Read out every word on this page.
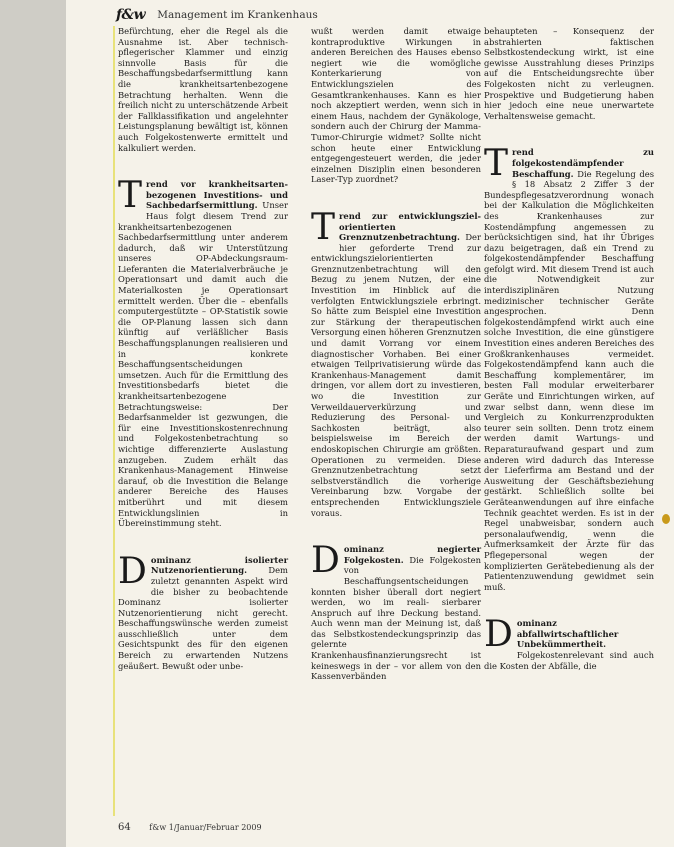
f&w Management im Krankenhaus

Befürchtung, eher die Regel als die Ausnahme ist. Aber technisch-pflegerischer Klammer und einzig sinnvolle Basis für die Beschaffungsbedarfsermittlung kann die krankheitsartenbezogene Betrachtung herhalten. Wenn die freilich nicht zu unterschätzende Arbeit der Fallklassifikation und angelehnter Leistungsplanung bewältigt ist, können auch Folgekostenwerte ermittelt und kalkuliert werden.

Trend vor krankheitsarten-bezogenen Investitions- und Sachbedarfsermittlung. Unser Haus folgt diesem Trend zur krankheitsartenbezogenen Sachbedarfsermittlung unter anderem dadurch, daß wir Unterstützung unseres OP-Abdeckungsraum-Lieferanten die Materialverbräuche je Operationsart und damit auch die Materialkosten je Operationsart ermittelt werden. Über die – ebenfalls computergestützte – OP-Statistik sowie die OP-Planung lassen sich dann künftig auf verläßlicher Basis Beschaffungsplanungen realisieren und in konkrete Beschaffungsentscheidungen umsetzen. Auch für die Ermittlung des Investitionsbedarfs bietet die krankheitsartenbezogene Betrachtungsweise: Der Bedarfsanmelder ist gezwungen, die für eine Investitionskostenrechnung und Folgekostenbetrachtung so wichtige differenzierte Auslastung anzugeben. Zudem erhält das Krankenhaus-Management Hinweise darauf, ob die Investition die Belange anderer Bereiche des Hauses mitberührt und mit diesem Entwicklungslinien in Übereinstimmung steht.

Dominanz isolierter Nutzenorientierung. Dem zuletzt genannten Aspekt wird die bisher zu beobachtende Dominanz isolierter Nutzenorientierung nicht gerecht. Beschaffungswünsche werden zumeist ausschließlich unter dem Gesichtspunkt des für den eigenen Bereich zu erwartenden Nutzens geäußert. Bewußt oder unbe-

wußt werden damit etwaige kontraproduktive Wirkungen in anderen Bereichen des Hauses ebenso negiert wie die womögliche Konterkarierung von Entwicklungszielen des Gesamtkrankenhauses. Kann es hier noch akzeptiert werden, wenn sich in einem Haus, nachdem der Gynäkologe, sondern auch der Chirurg der Mamma-Tumor-Chirurgie widmet? Sollte nicht schon heute einer Entwicklung entgegengesteuert werden, die jeder einzelnen Disziplin einen besonderen Laser-Typ zuordnet?

Trend zur entwicklungsziel-orientierten Grenznutzenbetrachtung. Der hier geforderte Trend zur entwicklungszielorientierten Grenznutzenbetrachtung will den Bezug zu jenem Nutzen, der eine Investition im Hinblick auf die verfolgten Entwicklungsziele erbringt. So hätte zum Beispiel eine Investition zur Stärkung der therapeutischen Versorgung einen höheren Grenznutzen und damit Vorrang vor einem diagnostischer Vorhaben. Bei einer etwaigen Teilprivatisierung würde das Krankenhaus-Management damit dringen, vor allem dort zu investieren, wo die Investition zur Verweildauerverkürzung und Reduzierung des Personal- und Sachkosten beiträgt, also beispielsweise im Bereich der endoskopischen Chirurgie am größten. Operationen zu vermeiden. Diese Grenznutzenbetrachtung setzt selbstverständlich die vorherige Vereinbarung bzw. Vorgabe der entsprechenden Entwicklungsziele voraus.

Dominanz negierter Folgekosten. Die Folgekosten von Beschaffungsentscheidungen konnten bisher überall dort negiert werden, wo im reali- sierbarer Anspruch auf ihre Deckung bestand. Auch wenn man der Meinung ist, daß das Selbstkostendeckungsprinzip das gelernte Krankenhausfinanzierungsrecht ist keineswegs in der – vor allem von den Kassenverbänden

behaupteten – Konsequenz der abstrahierten faktischen Selbstkostendeckung wirkt, ist eine gewisse Ausstrahlung dieses Prinzips auf die Entscheidungsrechte über Folgekosten nicht zu verleugnen. Prospektive und Budgetierung haben hier jedoch eine neue unerwartete Verhaltensweise gemacht.

Trend zu folgekostendämpfender Beschaffung. Die Regelung des § 18 Absatz 2 Ziffer 3 der Bundespflegesatzverordnung wonach bei der Kalkulation die Möglichkeiten des Krankenhauses zur Kostendämpfung angemessen zu berücksichtigen sind, hat ihr Übriges dazu beigetragen, daß ein Trend zu folgekostendämpfender Beschaffung gefolgt wird. Mit diesem Trend ist auch die Notwendigkeit zur interdisziplinären Nutzung medizinischer technischer Geräte angesprochen. Denn folgekostendämpfend wirkt auch eine solche Investition, die eine günstigere Investition eines anderen Bereiches des Großkrankenhauses vermeidet. Folgekostendämpfend kann auch die Beschaffung komplementärer, im besten Fall modular erweiterbarer Geräte und Einrichtungen wirken, auf zwar selbst dann, wenn diese im Vergleich zu Konkurrenzprodukten teurer sein sollten. Denn trotz einem werden damit Wartungs- und Reparaturaufwand gespart und zum anderen wird dadurch das Interesse der Lieferfirma am Bestand und der Ausweitung der Geschäftsbeziehung gestärkt. Schließlich sollte bei Geräteanwendungen auf ihre einfache Technik geachtet werden. Es ist in der Regel unabweisbar, sondern auch personalaufwendig, wenn die Aufmerksamkeit der Ärzte für das Pflegepersonal wegen der komplizierten Gerätebedienung als der Patientenzuwendung gewidmet sein muß.

Dominanz abfallwirtschaftlicher Unbekümmertheit. Folgekostenrelevant sind auch die Kosten der Abfälle, die

64 f&w 1/Januar/Februar 2009
